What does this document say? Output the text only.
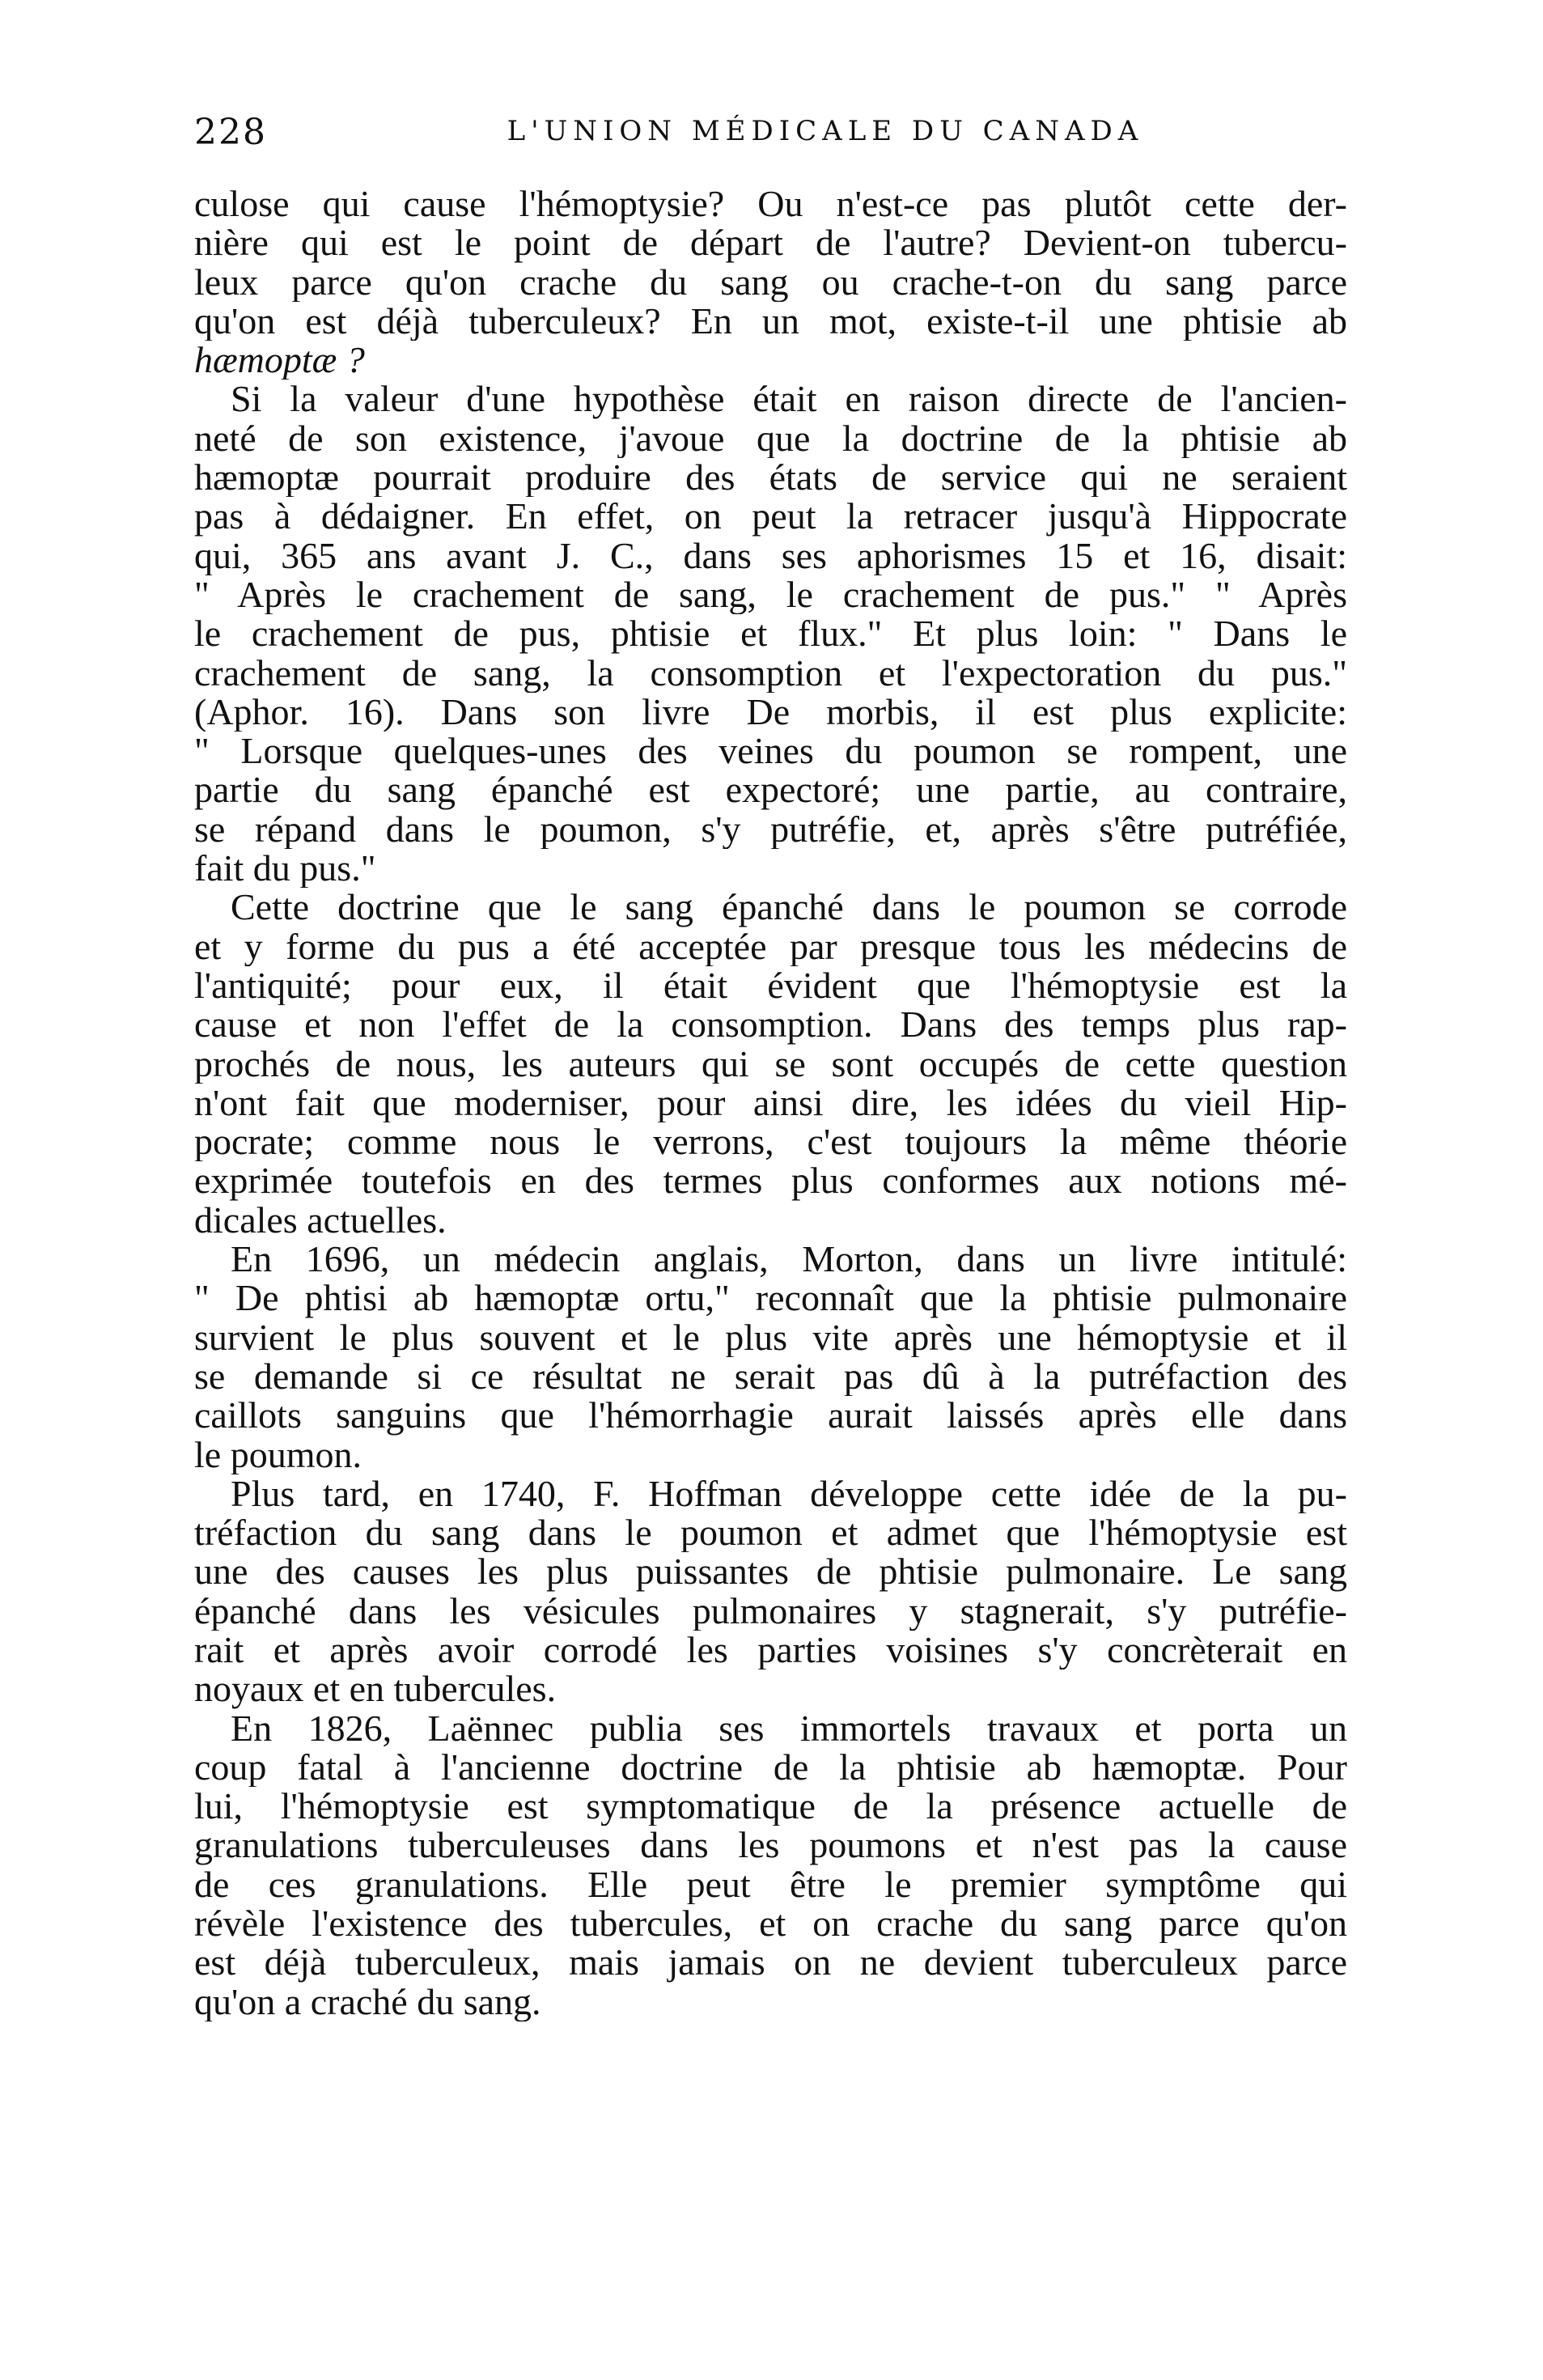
228	L'UNION MÉDICALE DU CANADA
culose qui cause l'hémoptysie? Ou n'est-ce pas plutôt cette der-
nière qui est le point de départ de l'autre? Devient-on tubercu-
leux parce qu'on crache du sang ou crache-t-on du sang parce
qu'on est déjà tuberculeux? En un mot, existe-t-il une phtisie ab
hæmoptæ ?
Si la valeur d'une hypothèse était en raison directe de l'ancien-
neté de son existence, j'avoue que la doctrine de la phtisie ab
hæmoptæ pourrait produire des états de service qui ne seraient
pas à dédaigner. En effet, on peut la retracer jusqu'à Hippocrate
qui, 365 ans avant J. C., dans ses aphorismes 15 et 16, disait:
" Après le crachement de sang, le crachement de pus." " Après
le crachement de pus, phtisie et flux." Et plus loin: " Dans le
crachement de sang, la consomption et l'expectoration du pus."
(Aphor. 16). Dans son livre De morbis, il est plus explicite:
" Lorsque quelques-unes des veines du poumon se rompent, une
partie du sang épanché est expectoré; une partie, au contraire,
se répand dans le poumon, s'y putréfie, et, après s'être putréfiée,
fait du pus."
Cette doctrine que le sang épanché dans le poumon se corrode
et y forme du pus a été acceptée par presque tous les médecins de
l'antiquité; pour eux, il était évident que l'hémoptysie est la
cause et non l'effet de la consomption. Dans des temps plus rap-
prochés de nous, les auteurs qui se sont occupés de cette question
n'ont fait que moderniser, pour ainsi dire, les idées du vieil Hip-
pocrate; comme nous le verrons, c'est toujours la même théorie
exprimée toutefois en des termes plus conformes aux notions mé-
dicales actuelles.
En 1696, un médecin anglais, Morton, dans un livre intitulé:
" De phtisi ab hæmoptæ ortu," reconnaît que la phtisie pulmonaire
survient le plus souvent et le plus vite après une hémoptysie et il
se demande si ce résultat ne serait pas dû à la putréfaction des
caillots sanguins que l'hémorrhagie aurait laissés après elle dans
le poumon.
Plus tard, en 1740, F. Hoffman développe cette idée de la pu-
tréfaction du sang dans le poumon et admet que l'hémoptysie est
une des causes les plus puissantes de phtisie pulmonaire. Le sang
épanché dans les vésicules pulmonaires y stagnerait, s'y putréfie-
rait et après avoir corrodé les parties voisines s'y concrèterait en
noyaux et en tubercules.
En 1826, Laënnec publia ses immortels travaux et porta un
coup fatal à l'ancienne doctrine de la phtisie ab hæmoptæ. Pour
lui, l'hémoptysie est symptomatique de la présence actuelle de
granulations tuberculeuses dans les poumons et n'est pas la cause
de ces granulations. Elle peut être le premier symptôme qui
révèle l'existence des tubercules, et on crache du sang parce qu'on
est déjà tuberculeux, mais jamais on ne devient tuberculeux parce
qu'on a craché du sang.
